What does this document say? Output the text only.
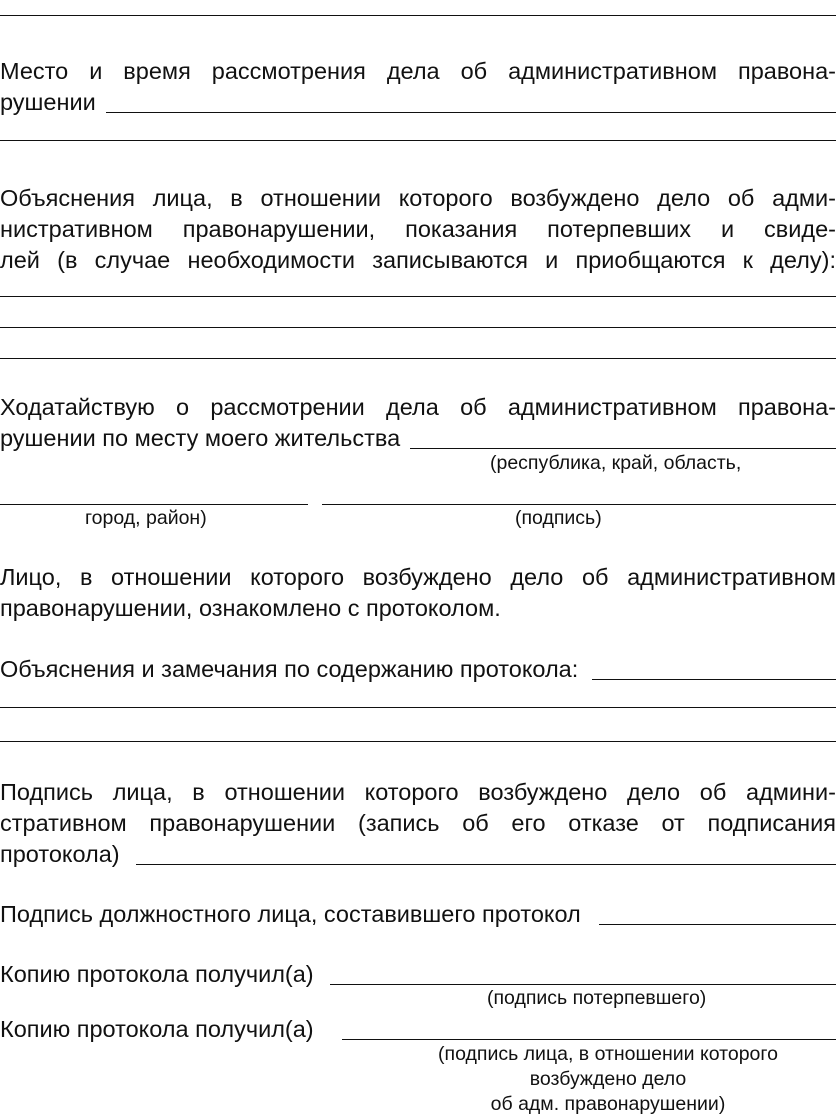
Место и время рассмотрения дела об административном правона-
рушении
Объяснения лица, в отношении которого возбуждено дело об адми-
нистративном правонарушении, показания потерпевших и свиде-
лей (в случае необходимости записываются и приобщаются к делу):
Ходатайствую о рассмотрении дела об административном правона-
рушении по месту моего жительства
(республика, край, область,
город, район)	(подпись)
Лицо, в отношении которого возбуждено дело об административном
правонарушении, ознакомлено с протоколом.
Объяснения и замечания по содержанию протокола:
Подпись лица, в отношении которого возбуждено дело об админи-
стративном правонарушении (запись об его отказе от подписания
протокола)
Подпись должностного лица, составившего протокол
Копию протокола получил(а)
(подпись потерпевшего)
Копию протокола получил(а)
(подпись лица, в отношении которого
возбуждено дело
об адм. правонарушении)
